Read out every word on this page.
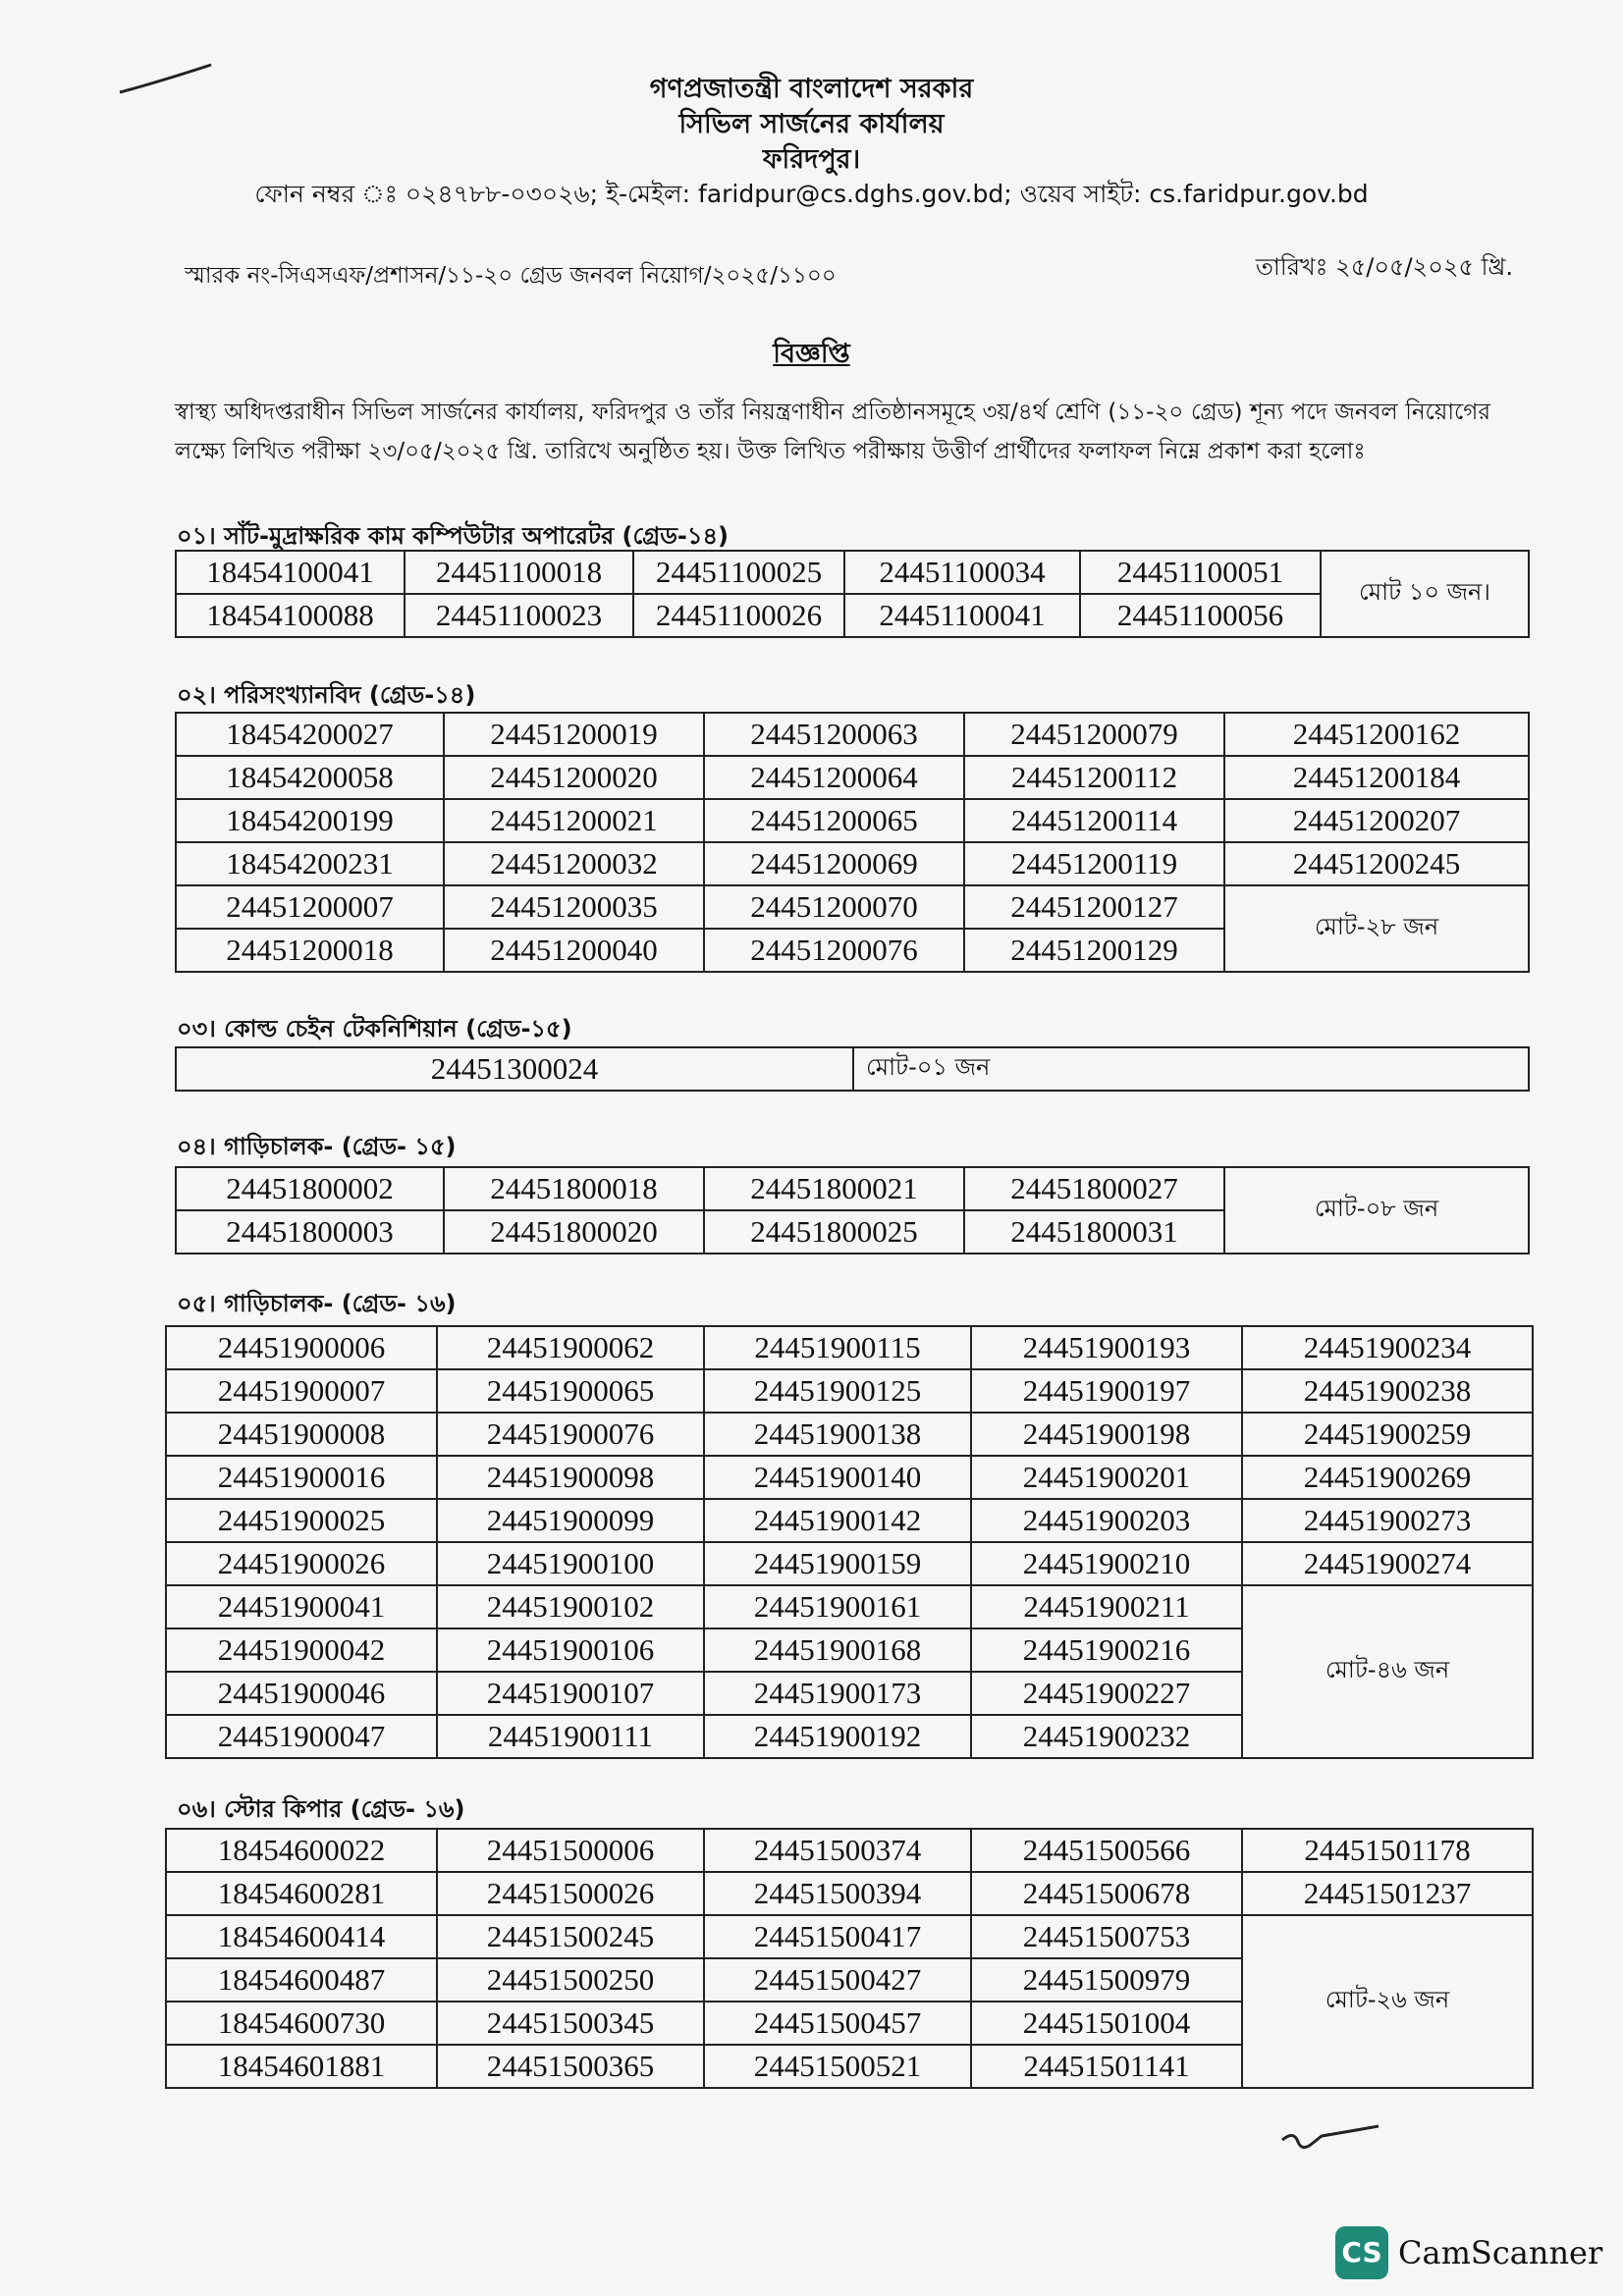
গণপ্রজাতন্ত্রী বাংলাদেশ সরকার
সিভিল সার্জনের কার্যালয়
ফরিদপুর।
ফোন নম্বর ঃ ০২৪৭৮৮-০৩০২৬; ই-মেইল: faridpur@cs.dghs.gov.bd; ওয়েব সাইট: cs.faridpur.gov.bd
স্মারক নং-সিএসএফ/প্রশাসন/১১-২০ গ্রেড জনবল নিয়োগ/২০২৫/১১০০	তারিখঃ ২৫/০৫/২০২৫ খ্রি.
বিজ্ঞপ্তি
স্বাস্থ্য অধিদপ্তরাধীন সিভিল সার্জনের কার্যালয়, ফরিদপুর ও তাঁর নিয়ন্ত্রণাধীন প্রতিষ্ঠানসমূহে ৩য়/৪র্থ শ্রেণি (১১-২০ গ্রেড) শূন্য পদে জনবল নিয়োগের লক্ষ্যে লিখিত পরীক্ষা ২৩/০৫/২০২৫ খ্রি. তারিখে অনুষ্ঠিত হয়। উক্ত লিখিত পরীক্ষায় উত্তীর্ণ প্রার্থীদের ফলাফল নিম্নে প্রকাশ করা হলোঃ
০১। সাঁট-মুদ্রাক্ষরিক কাম কম্পিউটার অপারেটর (গ্রেড-১৪)
18454100041	24451100018	24451100025	24451100034	24451100051	মোট ১০ জন।
18454100088	24451100023	24451100026	24451100041	24451100056	
০২। পরিসংখ্যানবিদ (গ্রেড-১৪)
18454200027	24451200019	24451200063	24451200079	24451200162
18454200058	24451200020	24451200064	24451200112	24451200184
18454200199	24451200021	24451200065	24451200114	24451200207
18454200231	24451200032	24451200069	24451200119	24451200245
24451200007	24451200035	24451200070	24451200127	মোট-২৮ জন
24451200018	24451200040	24451200076	24451200129	
০৩। কোল্ড চেইন টেকনিশিয়ান (গ্রেড-১৫)
24451300024	মোট-০১ জন
০৪। গাড়িচালক- (গ্রেড- ১৫)
24451800002	24451800018	24451800021	24451800027	মোট-০৮ জন
24451800003	24451800020	24451800025	24451800031	
০৫। গাড়িচালক- (গ্রেড- ১৬)
24451900006	24451900062	24451900115	24451900193	24451900234
24451900007	24451900065	24451900125	24451900197	24451900238
24451900008	24451900076	24451900138	24451900198	24451900259
24451900016	24451900098	24451900140	24451900201	24451900269
24451900025	24451900099	24451900142	24451900203	24451900273
24451900026	24451900100	24451900159	24451900210	24451900274
24451900041	24451900102	24451900161	24451900211	মোট-৪৬ জন
24451900042	24451900106	24451900168	24451900216	
24451900046	24451900107	24451900173	24451900227	
24451900047	24451900111	24451900192	24451900232	
০৬। স্টোর কিপার (গ্রেড- ১৬)
18454600022	24451500006	24451500374	24451500566	24451501178
18454600281	24451500026	24451500394	24451500678	24451501237
18454600414	24451500245	24451500417	24451500753	মোট-২৬ জন
18454600487	24451500250	24451500427	24451500979	
18454600730	24451500345	24451500457	24451501004	
18454601881	24451500365	24451500521	24451501141	
CS CamScanner
